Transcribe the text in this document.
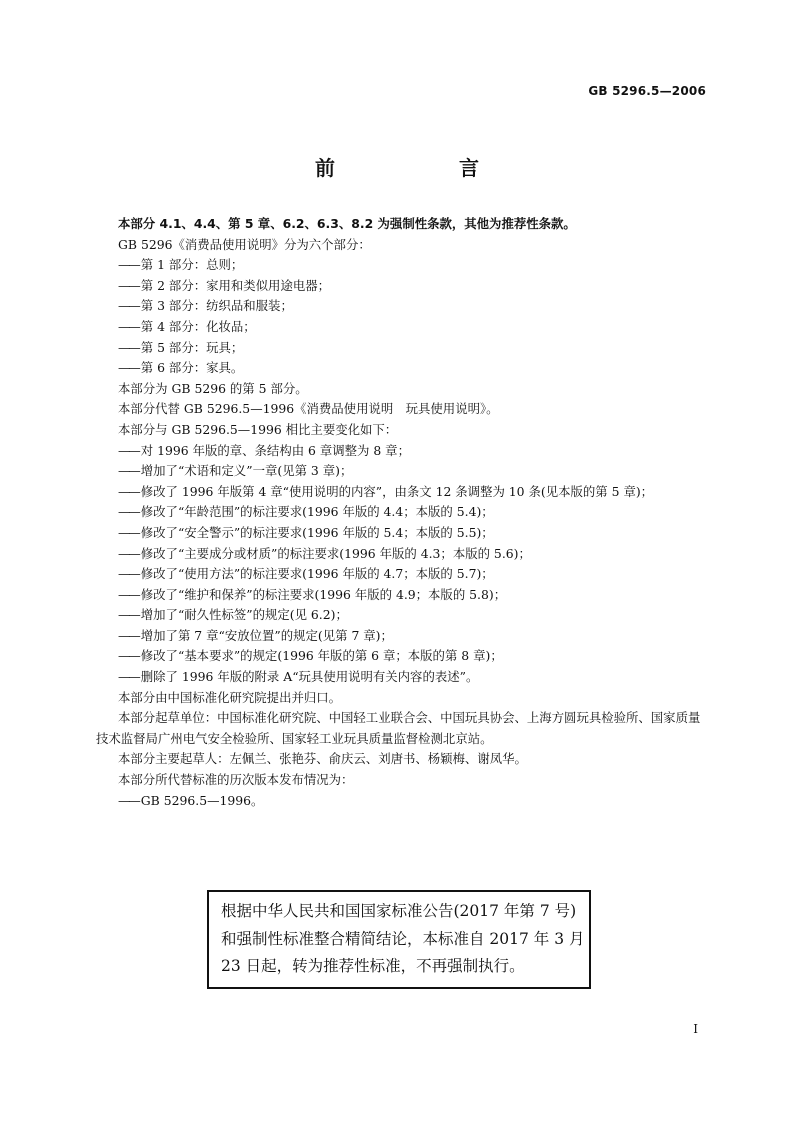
GB 5296.5—2006
前　　言

本部分 4.1、4.4、第 5 章、6.2、6.3、8.2 为强制性条款，其他为推荐性条款。

GB 5296《消费品使用说明》分为六个部分：

—— 第 1 部分：总则；

—— 第 2 部分：家用和类似用途电器；

—— 第 3 部分：纺织品和服装；

—— 第 4 部分：化妆品；

—— 第 5 部分：玩具；

—— 第 6 部分：家具。

本部分为 GB 5296 的第 5 部分。

本部分代替 GB 5296.5—1996《消费品使用说明　玩具使用说明》。

本部分与 GB 5296.5—1996 相比主要变化如下：

—— 对 1996 年版的章、条结构由 6 章调整为 8 章；

—— 增加了“术语和定义”一章(见第 3 章)；

—— 修改了 1996 年版第 4 章“使用说明的内容”，由条文 12 条调整为 10 条(见本版的第 5 章)；

—— 修改了“年龄范围”的标注要求(1996 年版的 4.4；本版的 5.4)；

—— 修改了“安全警示”的标注要求(1996 年版的 5.4；本版的 5.5)；

—— 修改了“主要成分或材质”的标注要求(1996 年版的 4.3；本版的 5.6)；

—— 修改了“使用方法”的标注要求(1996 年版的 4.7；本版的 5.7)；

—— 修改了“维护和保养”的标注要求(1996 年版的 4.9；本版的 5.8)；

—— 增加了“耐久性标签”的规定(见 6.2)；

—— 增加了第 7 章“安放位置”的规定(见第 7 章)；

—— 修改了“基本要求”的规定(1996 年版的第 6 章；本版的第 8 章)；

—— 删除了 1996 年版的附录 A“玩具使用说明有关内容的表述”。

本部分由中国标准化研究院提出并归口。

本部分起草单位：中国标准化研究院、中国轻工业联合会、中国玩具协会、上海方圆玩具检验所、国家质量技术监督局广州电气安全检验所、国家轻工业玩具质量监督检测北京站。

本部分主要起草人：左佩兰、张艳芬、俞庆云、刘唐书、杨颖梅、谢凤华。

本部分所代替标准的历次版本发布情况为：

—— GB 5296.5—1996。

根据中华人民共和国国家标准公告(2017 年第 7 号)和强制性标准整合精简结论，本标准自 2017 年 3 月 23 日起，转为推荐性标准，不再强制执行。
I
